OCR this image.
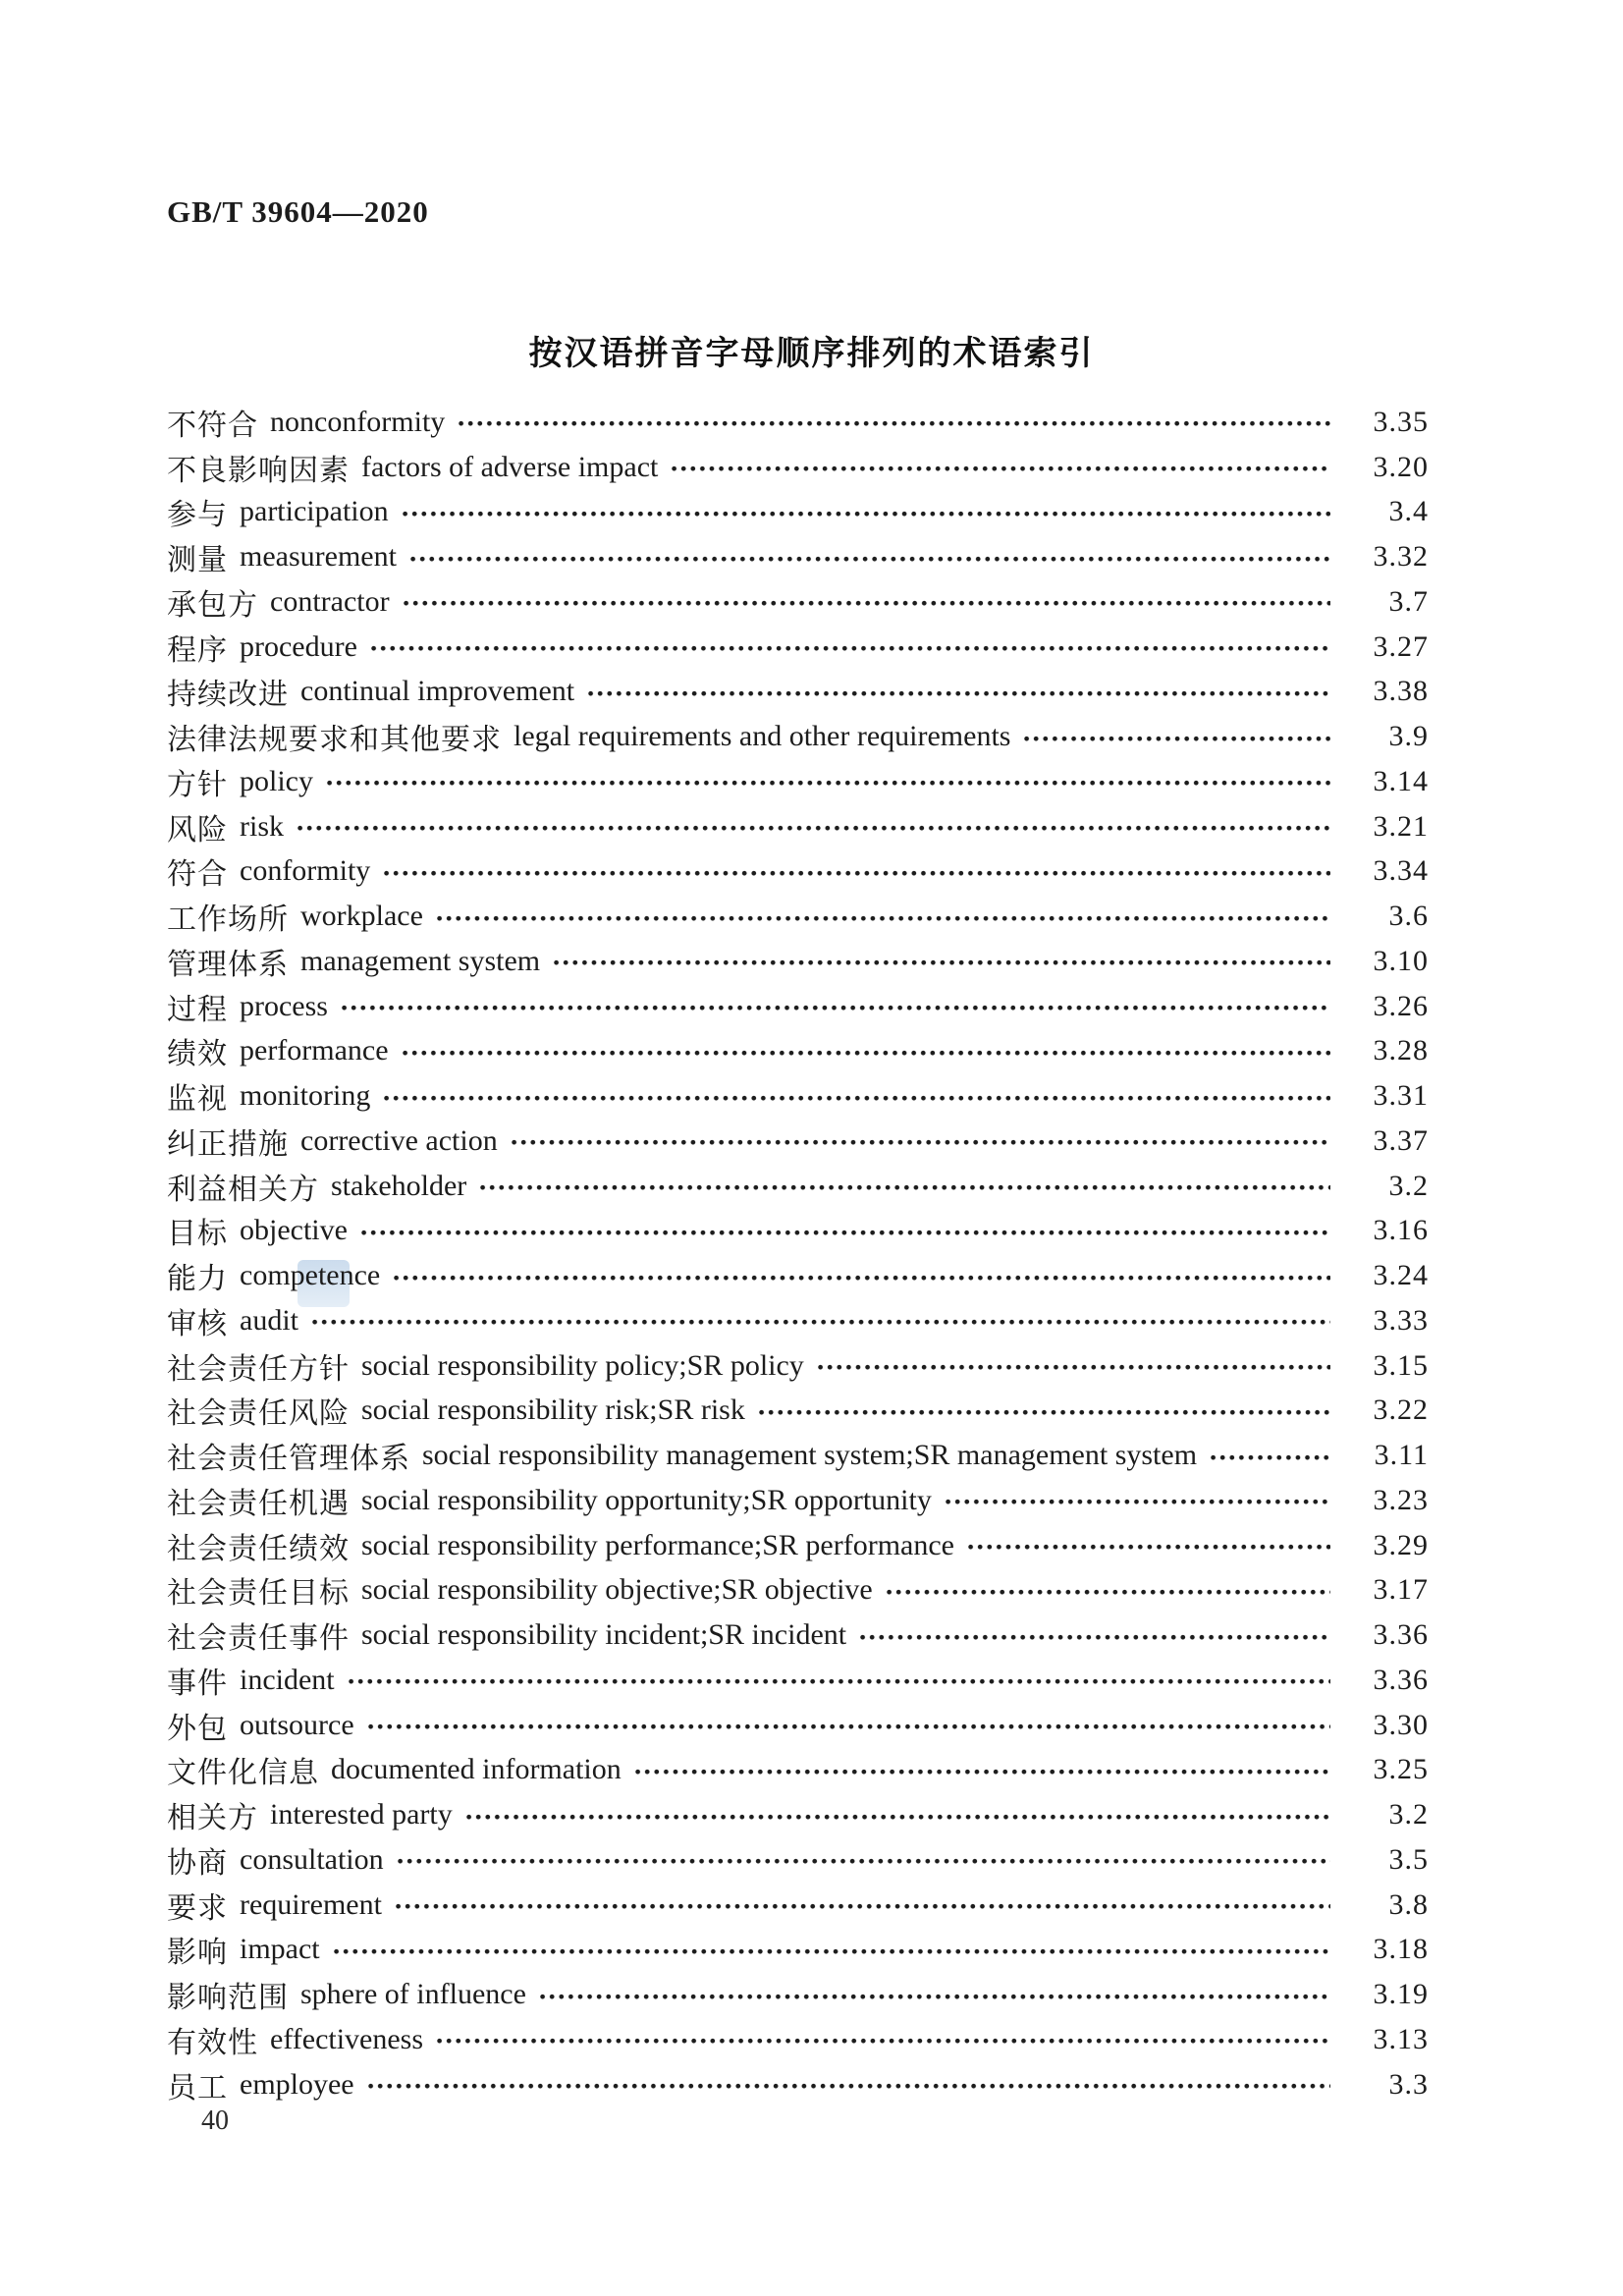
GB/T 39604—2020
按汉语拼音字母顺序排列的术语索引
不符合 nonconformity	3.35
不良影响因素 factors of adverse impact	3.20
参与 participation	3.4
测量 measurement	3.32
承包方 contractor	3.7
程序 procedure	3.27
持续改进 continual improvement	3.38
法律法规要求和其他要求 legal requirements and other requirements	3.9
方针 policy	3.14
风险 risk	3.21
符合 conformity	3.34
工作场所 workplace	3.6
管理体系 management system	3.10
过程 process	3.26
绩效 performance	3.28
监视 monitoring	3.31
纠正措施 corrective action	3.37
利益相关方 stakeholder	3.2
目标 objective	3.16
能力 competence	3.24
审核 audit	3.33
社会责任方针 social responsibility policy;SR policy	3.15
社会责任风险 social responsibility risk;SR risk	3.22
社会责任管理体系 social responsibility management system;SR management system	3.11
社会责任机遇 social responsibility opportunity;SR opportunity	3.23
社会责任绩效 social responsibility performance;SR performance	3.29
社会责任目标 social responsibility objective;SR objective	3.17
社会责任事件 social responsibility incident;SR incident	3.36
事件 incident	3.36
外包 outsource	3.30
文件化信息 documented information	3.25
相关方 interested party	3.2
协商 consultation	3.5
要求 requirement	3.8
影响 impact	3.18
影响范围 sphere of influence	3.19
有效性 effectiveness	3.13
员工 employee	3.3
40
